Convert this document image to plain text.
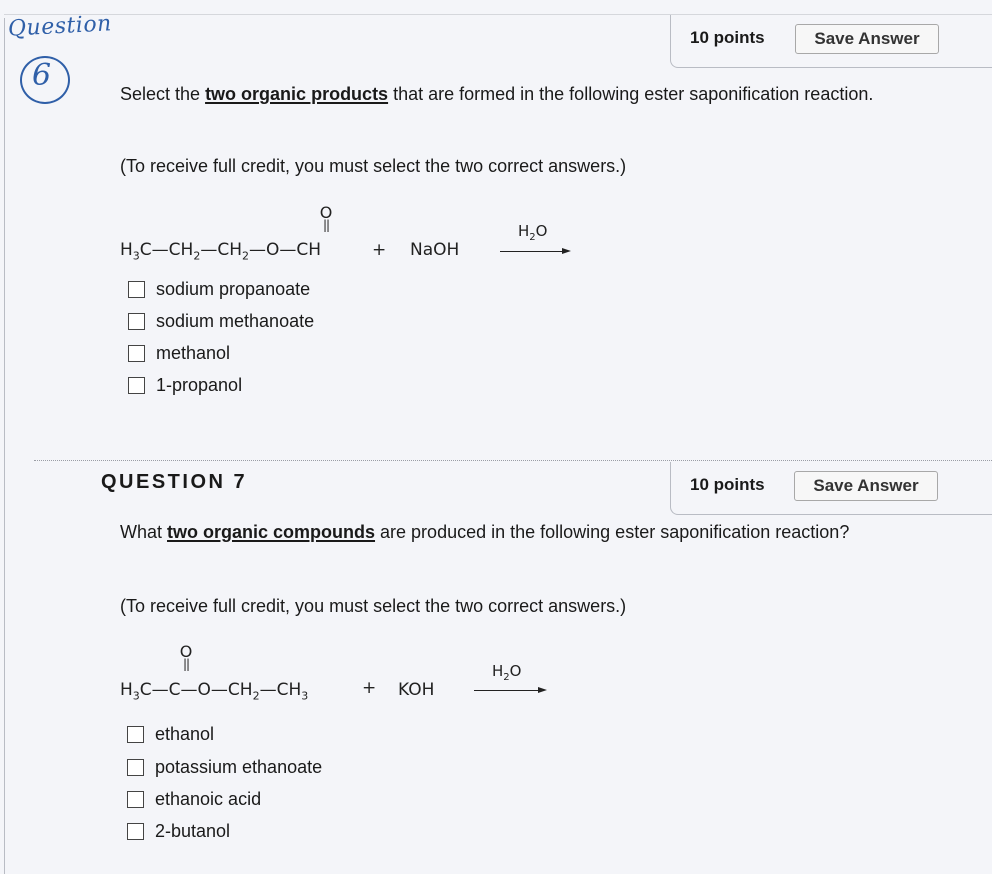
Question
6
10 points	Save Answer
Select the two organic products that are formed in the following ester saponification reaction.
(To receive full credit, you must select the two correct answers.)
O
||
$H_3C—CH_2—CH_2—O—CH$	+ NaOH
$H_2O$
sodium propanoate
sodium methanoate
methanol
1-propanol
QUESTION 7	10 points	Save Answer
What two organic compounds are produced in the following ester saponification reaction?
(To receive full credit, you must select the two correct answers.)
O
||
$H_3C—C—O—CH_2—CH_3$	+ KOH
$H_2O$
ethanol
potassium ethanoate
ethanoic acid
2-butanol
